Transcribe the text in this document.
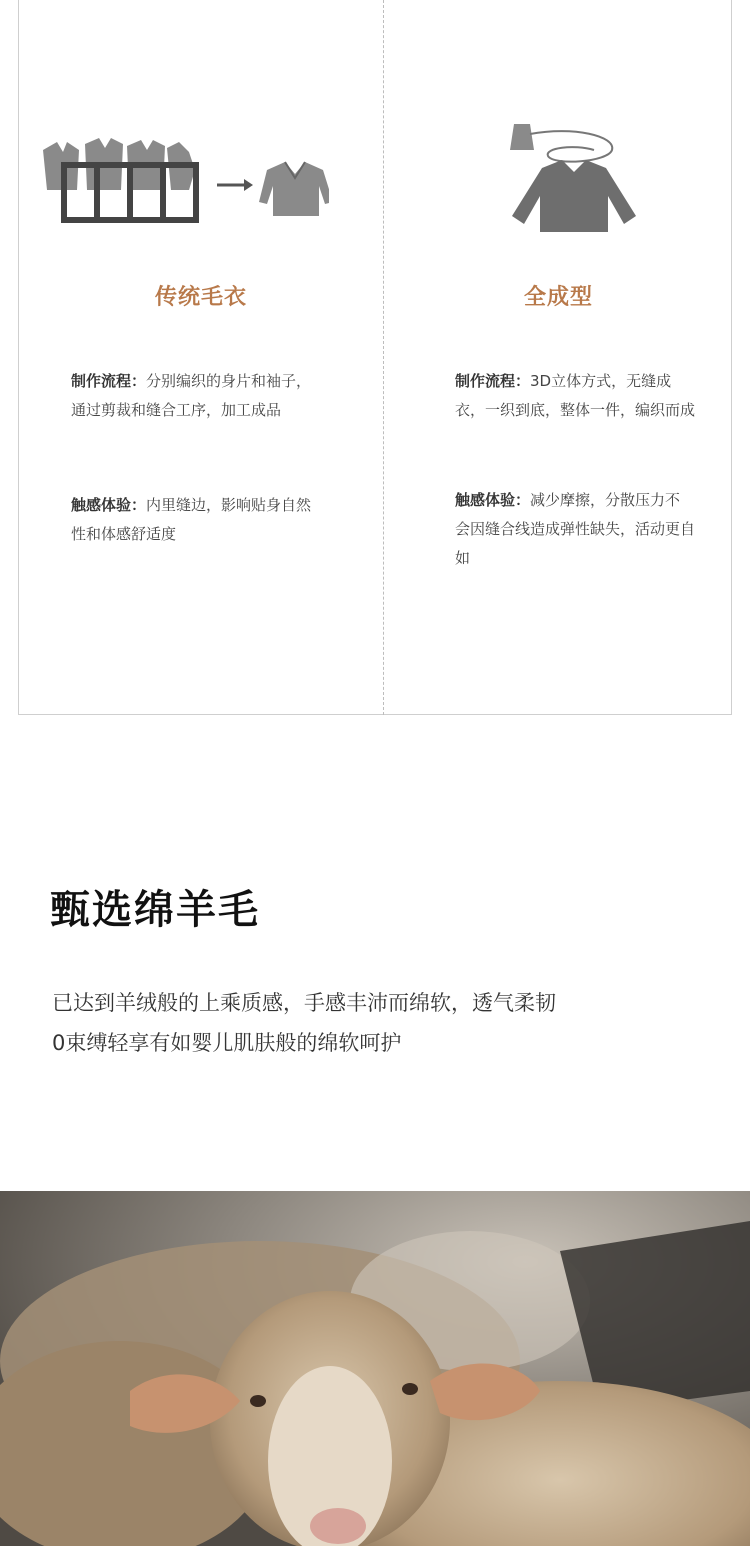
传统毛衣
制作流程：分别编织的身片和袖子，通过剪裁和缝合工序，加工成品
触感体验：内里缝边，影响贴身自然性和体感舒适度
全成型
制作流程：3D立体方式，无缝成衣，一织到底，整体一件，编织而成
触感体验：减少摩擦，分散压力不会因缝合线造成弹性缺失，活动更自如
甄选绵羊毛
已达到羊绒般的上乘质感，手感丰沛而绵软，透气柔韧
0束缚轻享有如婴儿肌肤般的绵软呵护
